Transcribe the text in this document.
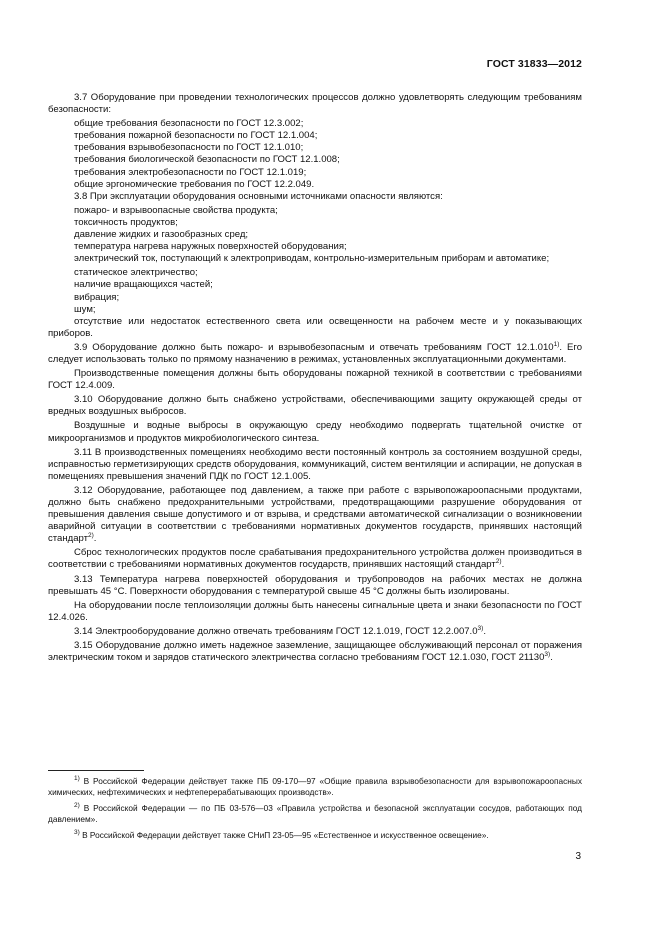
ГОСТ 31833—2012

3.7 Оборудование при проведении технологических процессов должно удовлетворять следующим требованиям безопасности:

общие требования безопасности по ГОСТ 12.3.002;

требования пожарной безопасности по ГОСТ 12.1.004;

требования взрывобезопасности по ГОСТ 12.1.010;

требования биологической безопасности по ГОСТ 12.1.008;

требования электробезопасности по ГОСТ 12.1.019;

общие эргономические требования по ГОСТ 12.2.049.

3.8 При эксплуатации оборудования основными источниками опасности являются:

пожаро- и взрывоопасные свойства продукта;

токсичность продуктов;

давление жидких и газообразных сред;

температура нагрева наружных поверхностей оборудования;

электрический ток, поступающий к электроприводам, контрольно-измерительным приборам и автоматике;

статическое электричество;

наличие вращающихся частей;

вибрация;

шум;

отсутствие или недостаток естественного света или освещенности на рабочем месте и у показывающих приборов.

3.9 Оборудование должно быть пожаро- и взрывобезопасным и отвечать требованиям ГОСТ 12.1.010$^{1)}$. Его следует использовать только по прямому назначению в режимах, установленных эксплуатационными документами.

Производственные помещения должны быть оборудованы пожарной техникой в соответствии с требованиями ГОСТ 12.4.009.

3.10 Оборудование должно быть снабжено устройствами, обеспечивающими защиту окружающей среды от вредных воздушных выбросов.

Воздушные и водные выбросы в окружающую среду необходимо подвергать тщательной очистке от микроорганизмов и продуктов микробиологического синтеза.

3.11 В производственных помещениях необходимо вести постоянный контроль за состоянием воздушной среды, исправностью герметизирующих средств оборудования, коммуникаций, систем вентиляции и аспирации, не допуская в помещениях превышения значений ПДК по ГОСТ 12.1.005.

3.12 Оборудование, работающее под давлением, а также при работе с взрывопожароопасными продуктами, должно быть снабжено предохранительными устройствами, предотвращающими разрушение оборудования от превышения давления свыше допустимого и от взрыва, и средствами автоматической сигнализации о возникновении аварийной ситуации в соответствии с требованиями нормативных документов государств, принявших настоящий стандарт$^{2)}$.

Сброс технологических продуктов после срабатывания предохранительного устройства должен производиться в соответствии с требованиями нормативных документов государств, принявших настоящий стандарт$^{2)}$.

3.13 Температура нагрева поверхностей оборудования и трубопроводов на рабочих местах не должна превышать 45 °С. Поверхности оборудования с температурой свыше 45 °С должны быть изолированы.

На оборудовании после теплоизоляции должны быть нанесены сигнальные цвета и знаки безопасности по ГОСТ 12.4.026.

3.14 Электрооборудование должно отвечать требованиям ГОСТ 12.1.019, ГОСТ 12.2.007.0$^{3)}$.

3.15 Оборудование должно иметь надежное заземление, защищающее обслуживающий персонал от поражения электрическим током и зарядов статического электричества согласно требованиям ГОСТ 12.1.030, ГОСТ 21130$^{3)}$.

$^{1)}$ В Российской Федерации действует также ПБ 09-170—97 «Общие правила взрывобезопасности для взрывопожароопасных химических, нефтехимических и нефтеперерабатывающих производств».

$^{2)}$ В Российской Федерации — по ПБ 03-576—03 «Правила устройства и безопасной эксплуатации сосудов, работающих под давлением».

$^{3)}$ В Российской Федерации действует также СНиП 23-05—95 «Естественное и искусственное освещение».

3
